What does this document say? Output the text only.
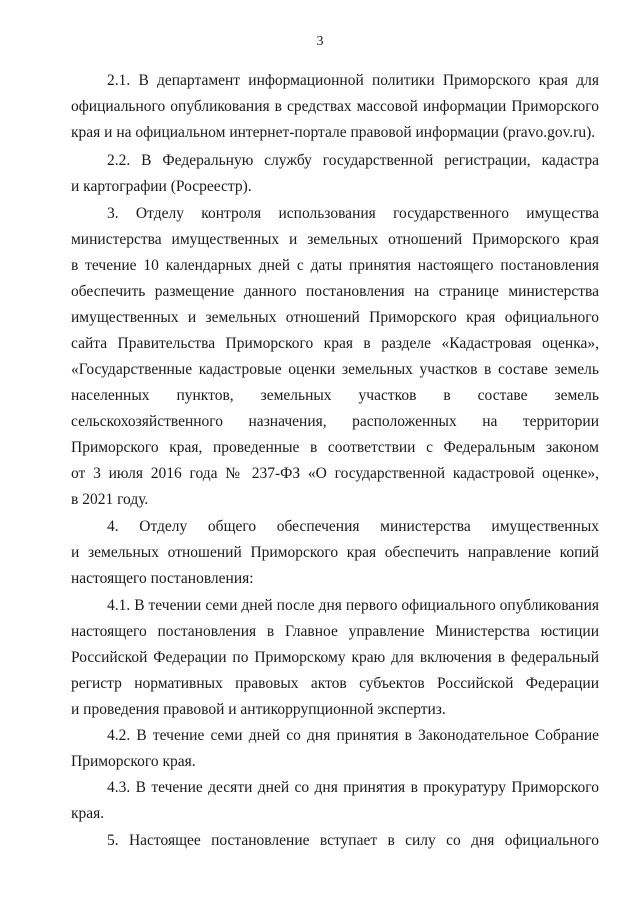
3
2.1. В департамент информационной политики Приморского края для
официального опубликования в средствах массовой информации Приморского
края и на официальном интернет-портале правовой информации (pravo.gov.ru).
2.2. В Федеральную службу государственной регистрации, кадастра
и картографии (Росреестр).
3. Отделу контроля использования государственного имущества
министерства имущественных и земельных отношений Приморского края
в течение 10 календарных дней с даты принятия настоящего постановления
обеспечить размещение данного постановления на странице министерства
имущественных и земельных отношений Приморского края официального
сайта Правительства Приморского края в разделе «Кадастровая оценка»,
«Государственные кадастровые оценки земельных участков в составе земель
населенных пунктов, земельных участков в составе земель
сельскохозяйственного назначения, расположенных на территории
Приморского края, проведенные в соответствии с Федеральным законом
от 3 июля 2016 года № 237-ФЗ «О государственной кадастровой оценке»,
в 2021 году.
4. Отделу общего обеспечения министерства имущественных
и земельных отношений Приморского края обеспечить направление копий
настоящего постановления:
4.1. В течении семи дней после дня первого официального опубликования
настоящего постановления в Главное управление Министерства юстиции
Российской Федерации по Приморскому краю для включения в федеральный
регистр нормативных правовых актов субъектов Российской Федерации
и проведения правовой и антикоррупционной экспертиз.
4.2. В течение семи дней со дня принятия в Законодательное Собрание
Приморского края.
4.3. В течение десяти дней со дня принятия в прокуратуру Приморского
края.
5. Настоящее постановление вступает в силу со дня официального
